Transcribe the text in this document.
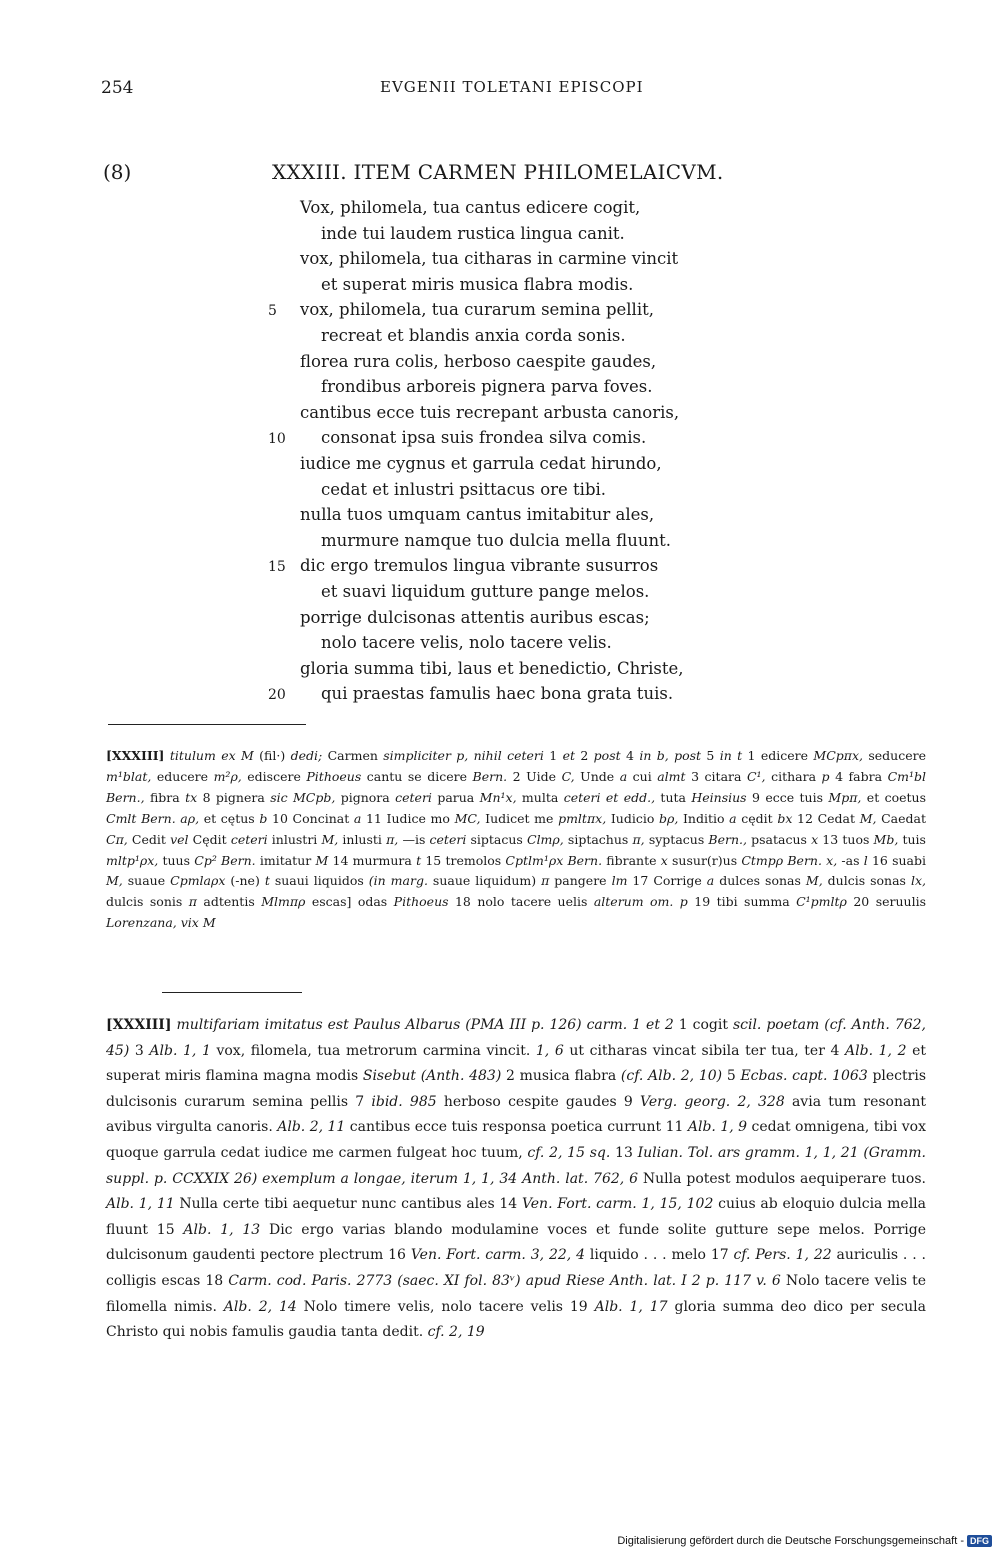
254	EVGENII TOLETANI EPISCOPI
(8)	XXXIII. ITEM CARMEN PHILOMELAICVM.
Vox, philomela, tua cantus edicere cogit,
inde tui laudem rustica lingua canit.
vox, philomela, tua citharas in carmine vincit
et superat miris musica flabra modis.
vox, philomela, tua curarum semina pellit,
recreat et blandis anxia corda sonis.
florea rura colis, herboso caespite gaudes,
frondibus arboreis pignera parva foves.
cantibus ecce tuis recrepant arbusta canoris,
consonat ipsa suis frondea silva comis.
iudice me cygnus et garrula cedat hirundo,
cedat et inlustri psittacus ore tibi.
nulla tuos umquam cantus imitabitur ales,
murmure namque tuo dulcia mella fluunt.
dic ergo tremulos lingua vibrante susurros
et suavi liquidum gutture pange melos.
porrige dulcisonas attentis auribus escas;
nolo tacere velis, nolo tacere velis.
gloria summa tibi, laus et benedictio, Christe,
qui praestas famulis haec bona grata tuis.
5
10
15
20
[XXXIII] titulum ex M (fil·) dedi; Carmen simpliciter p, nihil ceteri 1 et 2 post 4 in b, post 5 in t 1 edicere MCpπx, seducere m¹blat, educere m²ρ, ediscere Pithoeus cantu se dicere Bern. 2 Uide C, Unde a cui almt 3 citara C¹, cithara p 4 fabra Cm¹bl Bern., fibra tx 8 pignera sic MCpb, pignora ceteri parua Mn¹x, multa ceteri et edd., tuta Heinsius 9 ecce tuis Mpπ, et coetus Cmlt Bern. aρ, et cętus b 10 Concinat a 11 Iudice mo MC, Iudicet me pmltπx, Iudicio bρ, Inditio a cędit bx 12 Cedat M, Caedat Cπ, Cedit vel Cędit ceteri inlustri M, inlusti π, —is ceteri siptacus Clmρ, siptachus π, syptacus Bern., psatacus x 13 tuos Mb, tuis mltp¹ρx, tuus Cp² Bern. imitatur M 14 murmura t 15 tremolos Cptlm¹ρx Bern. fibrante x susur(r)us Ctmpρ Bern. x, -as l 16 suabi M, suaue Cpmlaρx (-ne) t suaui liquidos (in marg. suaue liquidum) π pangere lm 17 Corrige a dulces sonas M, dulcis sonas lx, dulcis sonis π adtentis Mlmπρ escas] odas Pithoeus 18 nolo tacere uelis alterum om. p 19 tibi summa C¹pmltρ 20 seruulis Lorenzana, vix M
[XXXIII] multifariam imitatus est Paulus Albarus (PMA III p. 126) carm. 1 et 2 1 cogit scil. poetam (cf. Anth. 762, 45) 3 Alb. 1, 1 vox, filomela, tua metrorum carmina vincit. 1, 6 ut citharas vincat sibila ter tua, ter 4 Alb. 1, 2 et superat miris flamina magna modis Sisebut (Anth. 483) 2 musica flabra (cf. Alb. 2, 10) 5 Ecbas. capt. 1063 plectris dulcisonis curarum semina pellis 7 ibid. 985 herboso cespite gaudes 9 Verg. georg. 2, 328 avia tum resonant avibus virgulta canoris. Alb. 2, 11 cantibus ecce tuis responsa poetica currunt 11 Alb. 1, 9 cedat omnigena, tibi vox quoque garrula cedat iudice me carmen fulgeat hoc tuum, cf. 2, 15 sq. 13 Iulian. Tol. ars gramm. 1, 1, 21 (Gramm. suppl. p. CCXXIX 26) exemplum a longae, iterum 1, 1, 34 Anth. lat. 762, 6 Nulla potest modulos aequiperare tuos. Alb. 1, 11 Nulla certe tibi aequetur nunc cantibus ales 14 Ven. Fort. carm. 1, 15, 102 cuius ab eloquio dulcia mella fluunt 15 Alb. 1, 13 Dic ergo varias blando modulamine voces et funde solite gutture sepe melos. Porrige dulcisonum gaudenti pectore plectrum 16 Ven. Fort. carm. 3, 22, 4 liquido . . . melo 17 cf. Pers. 1, 22 auriculis . . . colligis escas 18 Carm. cod. Paris. 2773 (saec. XI fol. 83ᵛ) apud Riese Anth. lat. I 2 p. 117 v. 6 Nolo tacere velis te filomella nimis. Alb. 2, 14 Nolo timere velis, nolo tacere velis 19 Alb. 1, 17 gloria summa deo dico per secula Christo qui nobis famulis gaudia tanta dedit. cf. 2, 19
Digitalisierung gefördert durch die Deutsche Forschungsgemeinschaft - DFG
